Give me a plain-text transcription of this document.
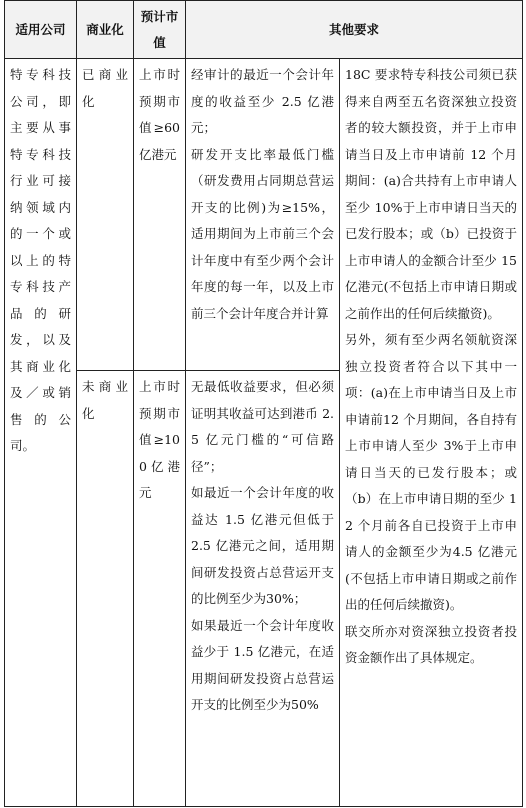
适用公司	商业化	预计市值	其他要求	

特专科技公司，即主要从事特专科技行业可接纳领域内的一个或以上的特专科技产品的研发，以及其商业化及／或销售的公司。	已商业化	上市时预期市值≥60亿港元	经审计的最近一个会计年度的收益至少 2.5 亿港元；
研发开支比率最低门槛（研发费用占同期总营运开支的比例)为≥15%，适用期间为上市前三个会计年度中有至少两个会计年度的每一年，以及上市前三个会计年度合并计算	18C 要求特专科技公司须已获得来自两至五名资深独立投资者的较大额投资，并于上市申请当日及上市申请前 12 个月期间：(a)合共持有上市申请人至少 10%于上市申请日当天的已发行股本；或（b）已投资于上市申请人的金额合计至少 15 亿港元(不包括上市申请日期或之前作出的任何后续撤资)。
另外，须有至少两名领航资深独立投资者符合以下其中一项：(a)在上市申请当日及上市申请前12 个月期间，各自持有上市申请人至少 3%于上市申请日当天的已发行股本；或（b）在上市申请日期的至少 12 个月前各自已投资于上市申请人的金额至少为4.5 亿港元(不包括上市申请日期或之前作出的任何后续撤资)。
联交所亦对资深独立投资者投资金额作出了具体规定。

	未商业化	上市时预期市值≥100亿港元	无最低收益要求，但必须证明其收益可达到港币 2.5 亿元门槛的“可信路径”；
如最近一个会计年度的收益达 1.5 亿港元但低于 2.5 亿港元之间，适用期间研发投资占总营运开支的比例至少为30%；
如果最近一个会计年度收益少于 1.5 亿港元，在适用期间研发投资占总营运开支的比例至少为50%	
